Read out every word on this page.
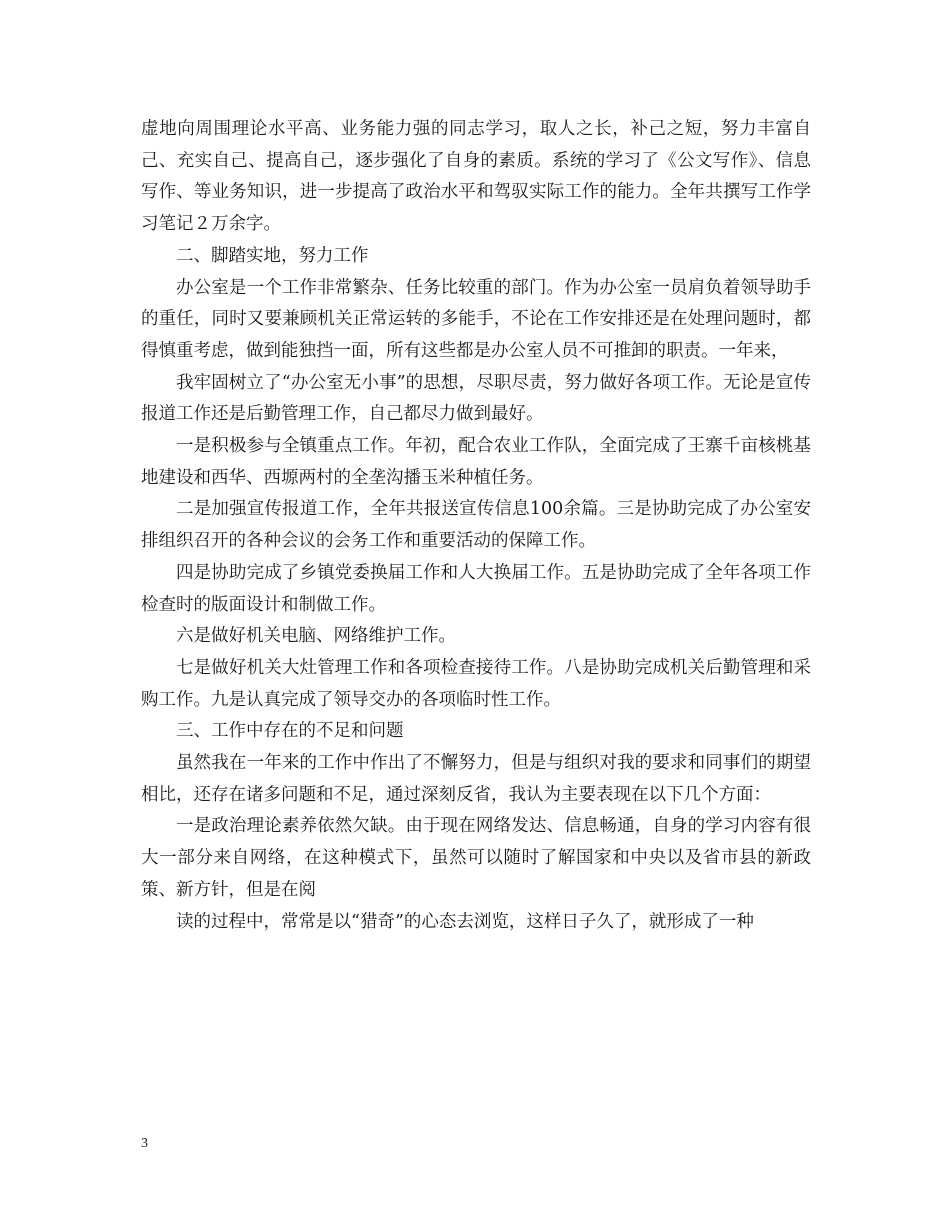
虚地向周围理论水平高、业务能力强的同志学习，取人之长，补己之短，努力丰富自己、充实自己、提高自己，逐步强化了自身的素质。系统的学习了《公文写作》、信息写作、等业务知识，进一步提高了政治水平和驾驭实际工作的能力。全年共撰写工作学习笔记２万余字。

二、脚踏实地，努力工作

办公室是一个工作非常繁杂、任务比较重的部门。作为办公室一员肩负着领导助手的重任，同时又要兼顾机关正常运转的多能手，不论在工作安排还是在处理问题时，都得慎重考虑，做到能独挡一面，所有这些都是办公室人员不可推卸的职责。一年来，

我牢固树立了“办公室无小事”的思想，尽职尽责，努力做好各项工作。无论是宣传报道工作还是后勤管理工作，自己都尽力做到最好。

一是积极参与全镇重点工作。年初，配合农业工作队，全面完成了王寨千亩核桃基地建设和西华、西塬两村的全垄沟播玉米种植任务。

二是加强宣传报道工作，全年共报送宣传信息100余篇。三是协助完成了办公室安排组织召开的各种会议的会务工作和重要活动的保障工作。

四是协助完成了乡镇党委换届工作和人大换届工作。五是协助完成了全年各项工作检查时的版面设计和制做工作。

六是做好机关电脑、网络维护工作。

七是做好机关大灶管理工作和各项检查接待工作。八是协助完成机关后勤管理和采购工作。九是认真完成了领导交办的各项临时性工作。

三、工作中存在的不足和问题

虽然我在一年来的工作中作出了不懈努力，但是与组织对我的要求和同事们的期望相比，还存在诸多问题和不足，通过深刻反省，我认为主要表现在以下几个方面：

一是政治理论素养依然欠缺。由于现在网络发达、信息畅通，自身的学习内容有很大一部分来自网络，在这种模式下，虽然可以随时了解国家和中央以及省市县的新政策、新方针，但是在阅

读的过程中，常常是以“猎奇”的心态去浏览，这样日子久了，就形成了一种

3
